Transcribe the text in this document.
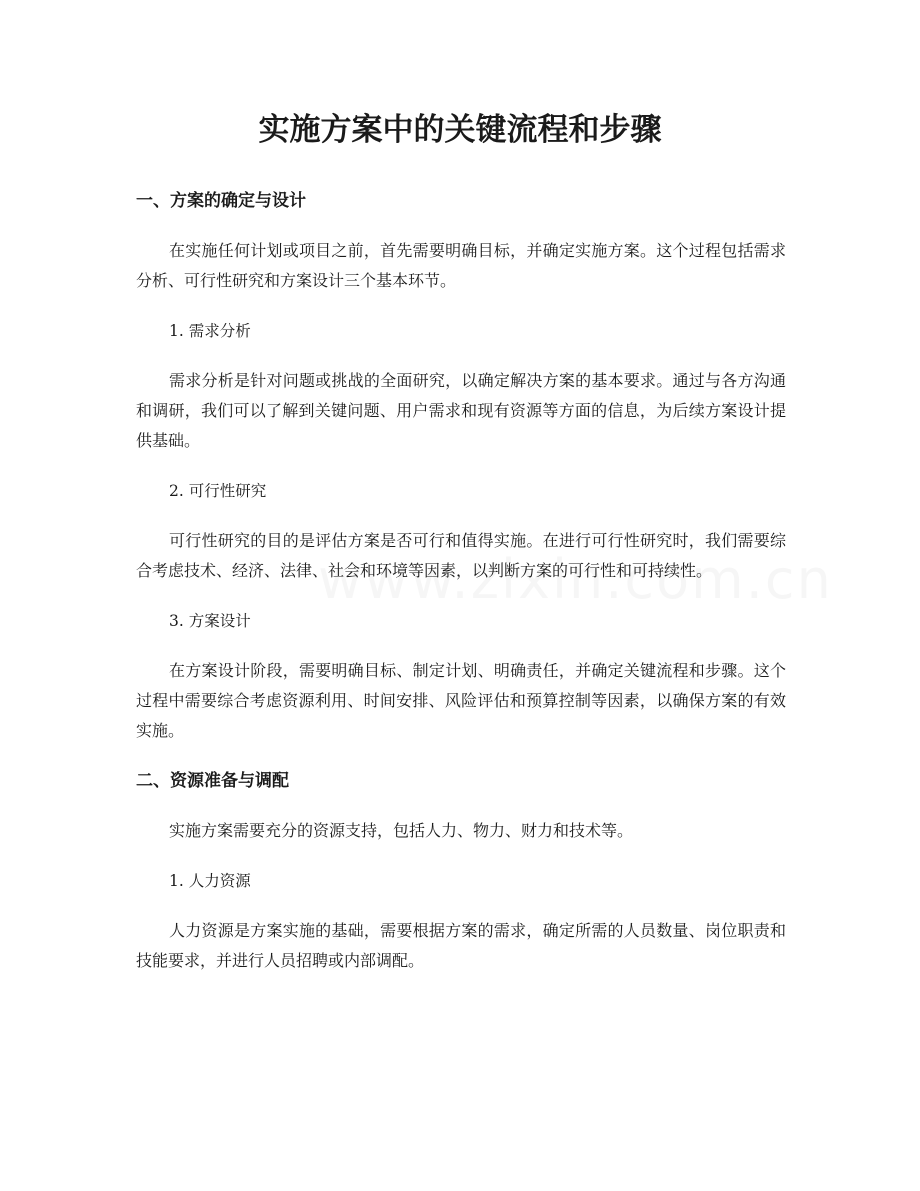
实施方案中的关键流程和步骤
一、方案的确定与设计

在实施任何计划或项目之前，首先需要明确目标，并确定实施方案。这个过程包括需求分析、可行性研究和方案设计三个基本环节。

1. 需求分析

需求分析是针对问题或挑战的全面研究，以确定解决方案的基本要求。通过与各方沟通和调研，我们可以了解到关键问题、用户需求和现有资源等方面的信息，为后续方案设计提供基础。

2. 可行性研究

可行性研究的目的是评估方案是否可行和值得实施。在进行可行性研究时，我们需要综合考虑技术、经济、法律、社会和环境等因素，以判断方案的可行性和可持续性。

3. 方案设计

在方案设计阶段，需要明确目标、制定计划、明确责任，并确定关键流程和步骤。这个过程中需要综合考虑资源利用、时间安排、风险评估和预算控制等因素，以确保方案的有效实施。

二、资源准备与调配

实施方案需要充分的资源支持，包括人力、物力、财力和技术等。

1. 人力资源

人力资源是方案实施的基础，需要根据方案的需求，确定所需的人员数量、岗位职责和技能要求，并进行人员招聘或内部调配。
